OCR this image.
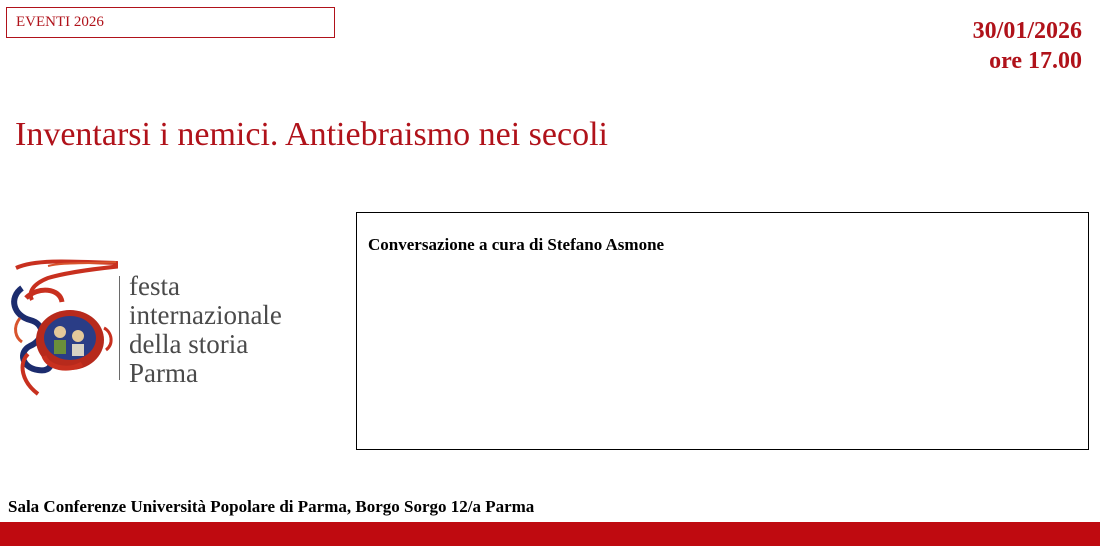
EVENTI 2026	30/01/2026
ore 17.00
Inventarsi i nemici. Antiebraismo nei secoli
festa
internazionale
della storia
Parma
Conversazione a cura di Stefano Asmone
Sala Conferenze Università Popolare di Parma, Borgo Sorgo 12/a Parma
